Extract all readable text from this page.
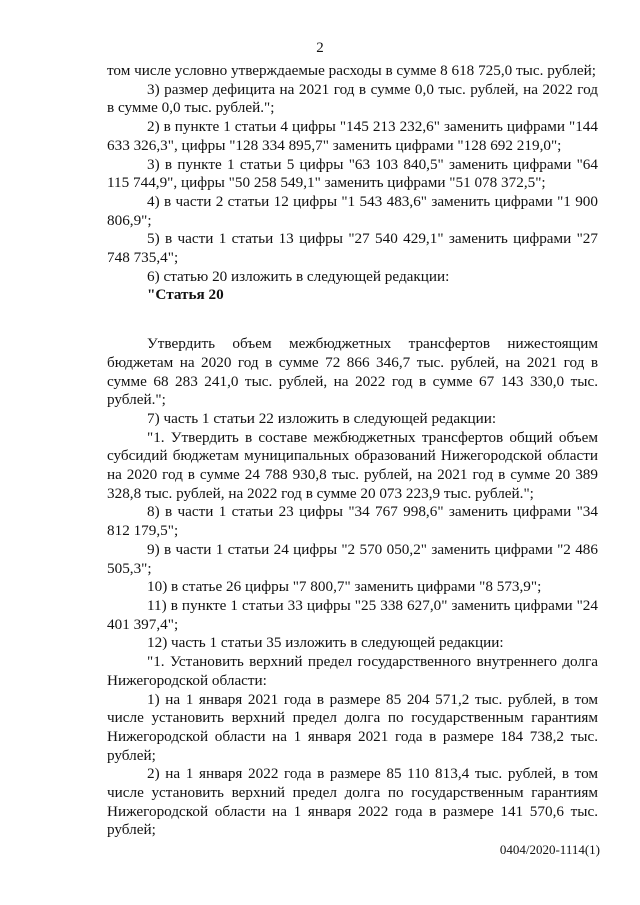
2

том числе условно утверждаемые расходы в сумме 8 618 725,0 тыс. рублей;

3) размер дефицита на 2021 год в сумме 0,0 тыс. рублей, на 2022 год в сумме 0,0 тыс. рублей.";

2) в пункте 1 статьи 4 цифры "145 213 232,6" заменить цифрами "144 633 326,3", цифры "128 334 895,7" заменить цифрами "128 692 219,0";

3) в пункте 1 статьи 5 цифры "63 103 840,5" заменить цифрами "64 115 744,9", цифры "50 258 549,1" заменить цифрами "51 078 372,5";

4) в части 2 статьи 12 цифры "1 543 483,6" заменить цифрами "1 900 806,9";

5) в части 1 статьи 13 цифры "27 540 429,1" заменить цифрами "27 748 735,4";

6) статью 20 изложить в следующей редакции:

"Статья 20

Утвердить объем межбюджетных трансфертов нижестоящим бюджетам на 2020 год в сумме 72 866 346,7 тыс. рублей, на 2021 год в сумме 68 283 241,0 тыс. рублей, на 2022 год в сумме 67 143 330,0 тыс. рублей.";

7) часть 1 статьи 22 изложить в следующей редакции:

"1. Утвердить в составе межбюджетных трансфертов общий объем субсидий бюджетам муниципальных образований Нижегородской области на 2020 год в сумме 24 788 930,8 тыс. рублей, на 2021 год в сумме 20 389 328,8 тыс. рублей, на 2022 год в сумме 20 073 223,9 тыс. рублей.";

8) в части 1 статьи 23 цифры "34 767 998,6" заменить цифрами "34 812 179,5";

9) в части 1 статьи 24 цифры "2 570 050,2" заменить цифрами "2 486 505,3";

10) в статье 26 цифры "7 800,7" заменить цифрами "8 573,9";

11) в пункте 1 статьи 33 цифры "25 338 627,0" заменить цифрами "24 401 397,4";

12) часть 1 статьи 35 изложить в следующей редакции:

"1. Установить верхний предел государственного внутреннего долга Нижегородской области:

1) на 1 января 2021 года в размере 85 204 571,2 тыс. рублей, в том числе установить верхний предел долга по государственным гарантиям Нижегородской области на 1 января 2021 года в размере 184 738,2 тыс. рублей;

2) на 1 января 2022 года в размере 85 110 813,4 тыс. рублей, в том числе установить верхний предел долга по государственным гарантиям Нижегородской области на 1 января 2022 года в размере 141 570,6 тыс. рублей;

0404/2020-1114(1)
